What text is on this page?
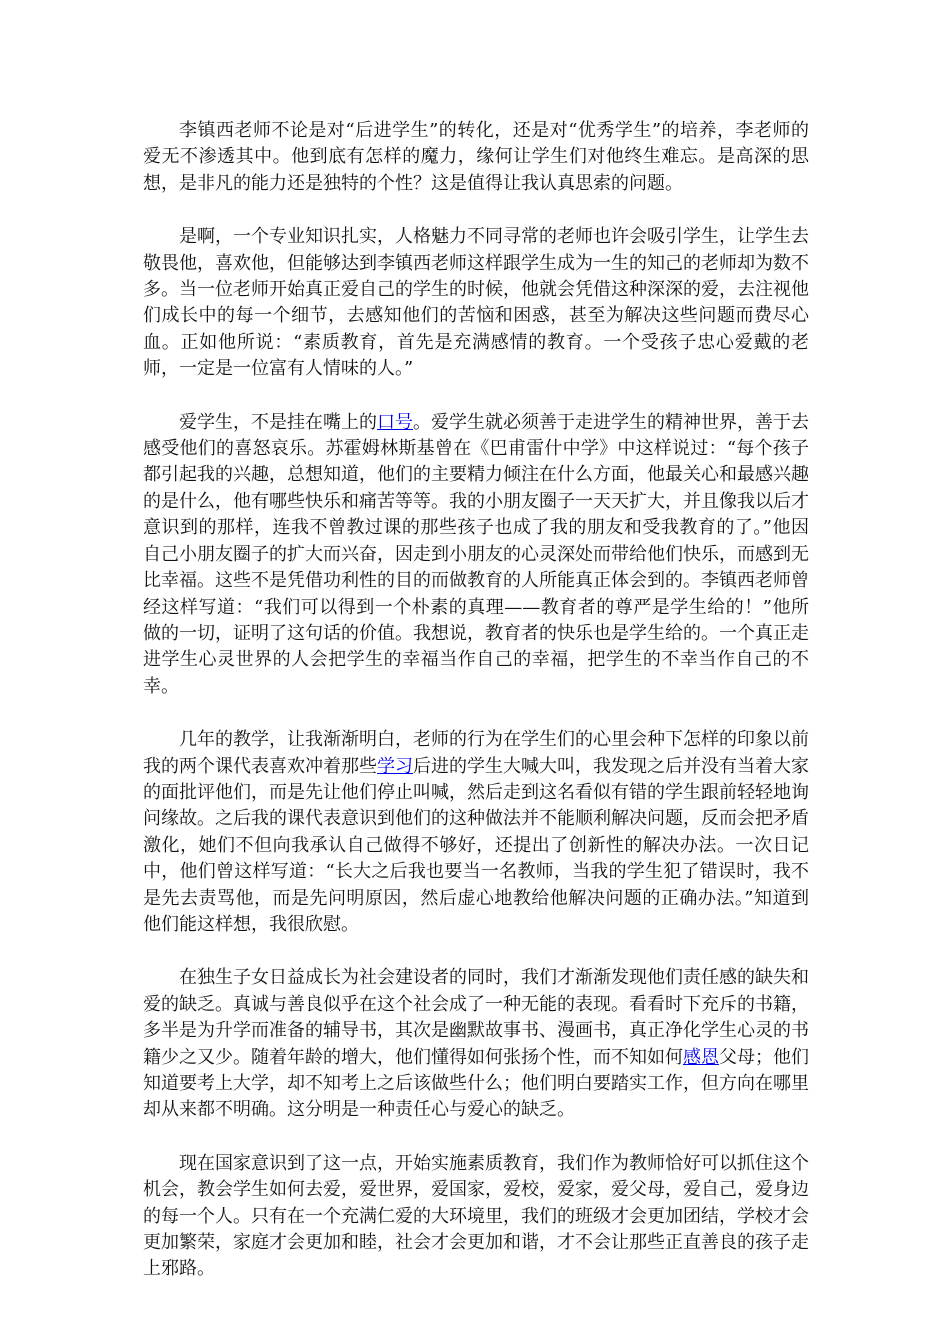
李镇西老师不论是对“后进学生”的转化，还是对“优秀学生”的培养，李老师的爱无不渗透其中。他到底有怎样的魔力，缘何让学生们对他终生难忘。是高深的思想，是非凡的能力还是独特的个性？这是值得让我认真思索的问题。

是啊，一个专业知识扎实，人格魅力不同寻常的老师也许会吸引学生，让学生去敬畏他，喜欢他，但能够达到李镇西老师这样跟学生成为一生的知己的老师却为数不多。当一位老师开始真正爱自己的学生的时候，他就会凭借这种深深的爱，去注视他们成长中的每一个细节，去感知他们的苦恼和困惑，甚至为解决这些问题而费尽心血。正如他所说：“素质教育，首先是充满感情的教育。一个受孩子忠心爱戴的老师，一定是一位富有人情味的人。”

爱学生，不是挂在嘴上的口号。爱学生就必须善于走进学生的精神世界，善于去感受他们的喜怒哀乐。苏霍姆林斯基曾在《巴甫雷什中学》中这样说过：“每个孩子都引起我的兴趣，总想知道，他们的主要精力倾注在什么方面，他最关心和最感兴趣的是什么，他有哪些快乐和痛苦等等。我的小朋友圈子一天天扩大，并且像我以后才意识到的那样，连我不曾教过课的那些孩子也成了我的朋友和受我教育的了。”他因自己小朋友圈子的扩大而兴奋，因走到小朋友的心灵深处而带给他们快乐，而感到无比幸福。这些不是凭借功利性的目的而做教育的人所能真正体会到的。李镇西老师曾经这样写道：“我们可以得到一个朴素的真理——教育者的尊严是学生给的！”他所做的一切，证明了这句话的价值。我想说，教育者的快乐也是学生给的。一个真正走进学生心灵世界的人会把学生的幸福当作自己的幸福，把学生的不幸当作自己的不幸。

几年的教学，让我渐渐明白，老师的行为在学生们的心里会种下怎样的印象以前我的两个课代表喜欢冲着那些学习后进的学生大喊大叫，我发现之后并没有当着大家的面批评他们，而是先让他们停止叫喊，然后走到这名看似有错的学生跟前轻轻地询问缘故。之后我的课代表意识到他们的这种做法并不能顺利解决问题，反而会把矛盾激化，她们不但向我承认自己做得不够好，还提出了创新性的解决办法。一次日记中，他们曾这样写道：“长大之后我也要当一名教师，当我的学生犯了错误时，我不是先去责骂他，而是先问明原因，然后虚心地教给他解决问题的正确办法。”知道到他们能这样想，我很欣慰。

在独生子女日益成长为社会建设者的同时，我们才渐渐发现他们责任感的缺失和爱的缺乏。真诚与善良似乎在这个社会成了一种无能的表现。看看时下充斥的书籍，多半是为升学而准备的辅导书，其次是幽默故事书、漫画书，真正净化学生心灵的书籍少之又少。随着年龄的增大，他们懂得如何张扬个性，而不知如何感恩父母；他们知道要考上大学，却不知考上之后该做些什么；他们明白要踏实工作，但方向在哪里却从来都不明确。这分明是一种责任心与爱心的缺乏。

现在国家意识到了这一点，开始实施素质教育，我们作为教师恰好可以抓住这个机会，教会学生如何去爱，爱世界，爱国家，爱校，爱家，爱父母，爱自己，爱身边的每一个人。只有在一个充满仁爱的大环境里，我们的班级才会更加团结，学校才会更加繁荣，家庭才会更加和睦，社会才会更加和谐，才不会让那些正直善良的孩子走上邪路。
